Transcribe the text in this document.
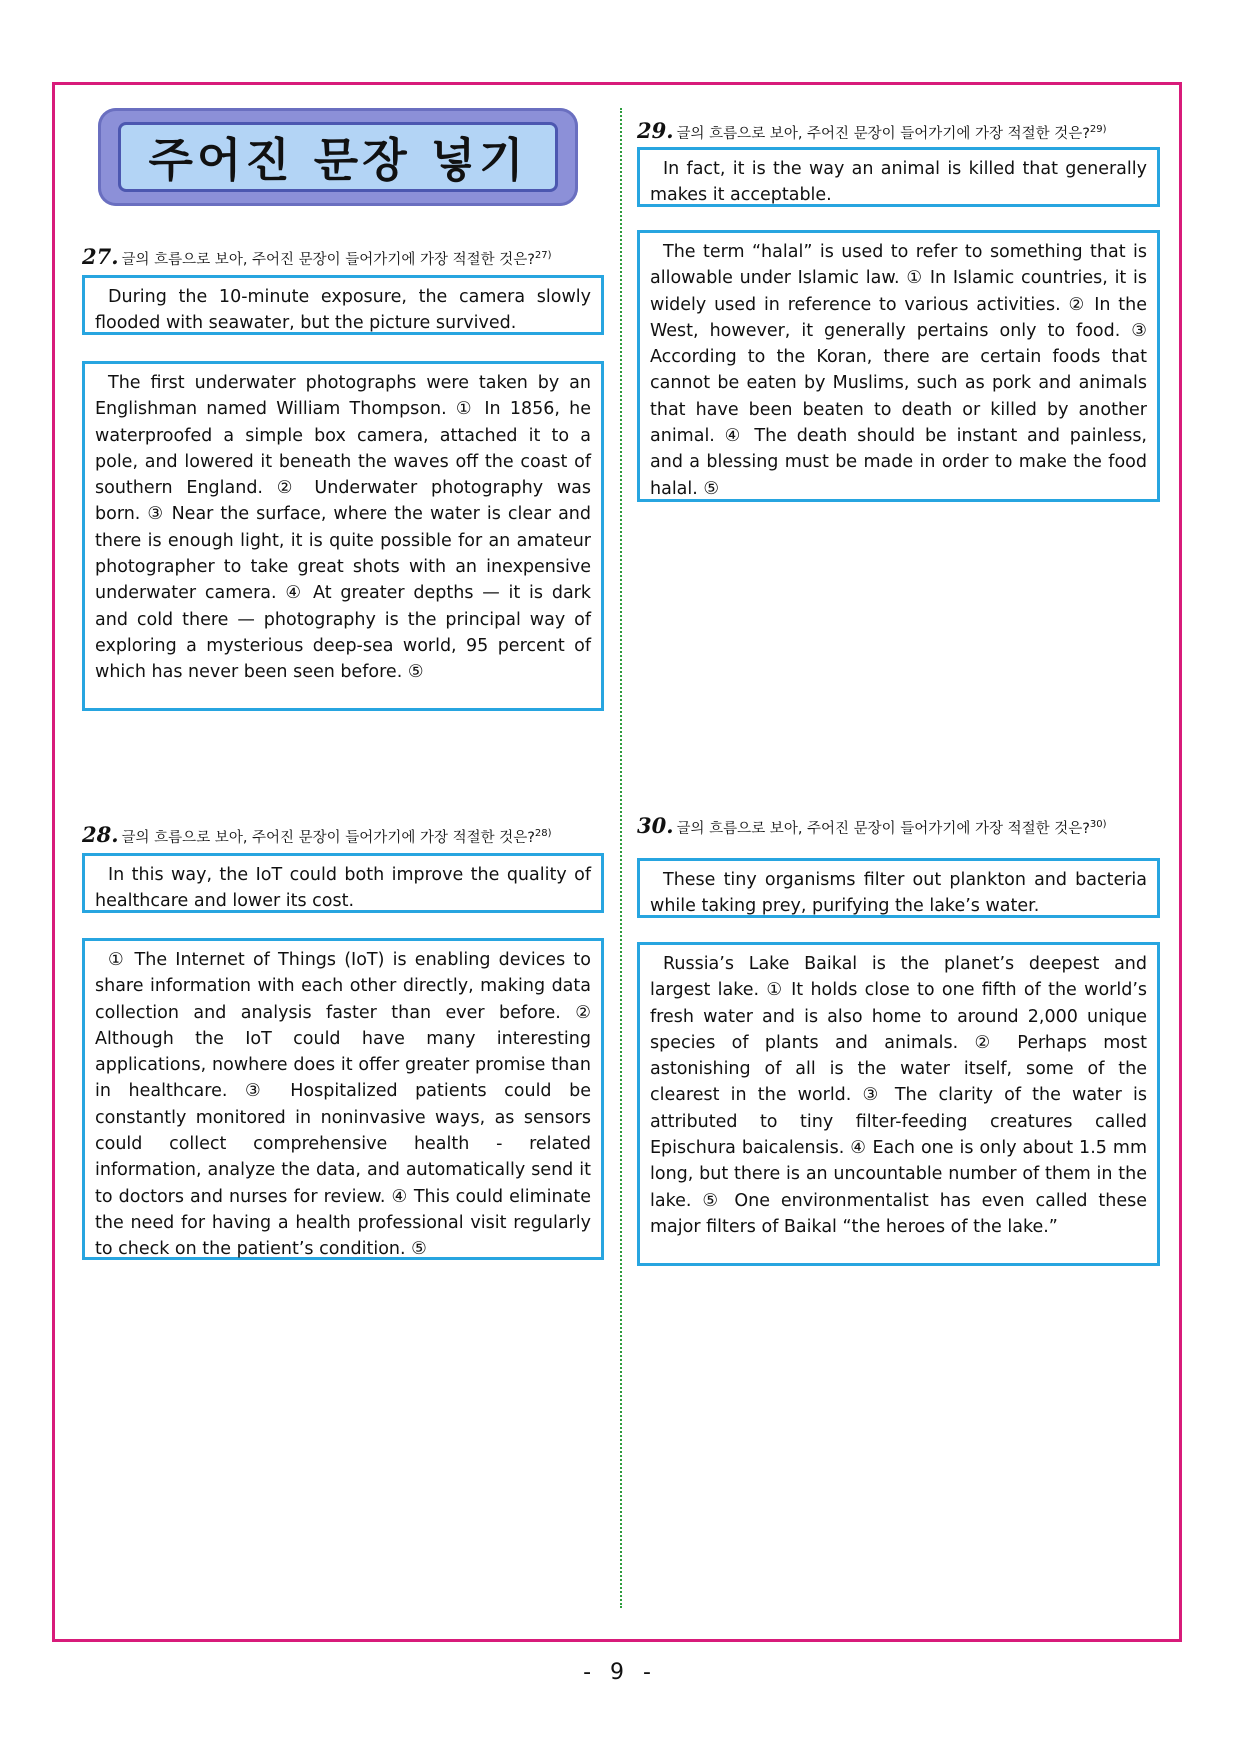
주어진 문장 넣기
27. 글의 흐름으로 보아, 주어진 문장이 들어가기에 가장 적절한 것은?$^{27)}$
During the 10-minute exposure, the camera slowly flooded with seawater, but the picture survived.
The first underwater photographs were taken by an Englishman named William Thompson. ① In 1856, he waterproofed a simple box camera, attached it to a pole, and lowered it beneath the waves off the coast of southern England. ② Underwater photography was born. ③ Near the surface, where the water is clear and there is enough light, it is quite possible for an amateur photographer to take great shots with an inexpensive underwater camera. ④ At greater depths — it is dark and cold there — photography is the principal way of exploring a mysterious deep-sea world, 95 percent of which has never been seen before. ⑤
28. 글의 흐름으로 보아, 주어진 문장이 들어가기에 가장 적절한 것은?$^{28)}$
In this way, the IoT could both improve the quality of healthcare and lower its cost.
① The Internet of Things (IoT) is enabling devices to share information with each other directly, making data collection and analysis faster than ever before. ② Although the IoT could have many interesting applications, nowhere does it offer greater promise than in healthcare. ③ Hospitalized patients could be constantly monitored in noninvasive ways, as sensors could collect comprehensive health - related information, analyze the data, and automatically send it to doctors and nurses for review. ④ This could eliminate the need for having a health professional visit regularly to check on the patient’s condition. ⑤
29. 글의 흐름으로 보아, 주어진 문장이 들어가기에 가장 적절한 것은?$^{29)}$
In fact, it is the way an animal is killed that generally makes it acceptable.
The term “halal” is used to refer to something that is allowable under Islamic law. ① In Islamic countries, it is widely used in reference to various activities. ② In the West, however, it generally pertains only to food. ③ According to the Koran, there are certain foods that cannot be eaten by Muslims, such as pork and animals that have been beaten to death or killed by another animal. ④ The death should be instant and painless, and a blessing must be made in order to make the food halal. ⑤
30. 글의 흐름으로 보아, 주어진 문장이 들어가기에 가장 적절한 것은?$^{30)}$
These tiny organisms filter out plankton and bacteria while taking prey, purifying the lake’s water.
Russia’s Lake Baikal is the planet’s deepest and largest lake. ① It holds close to one fifth of the world’s fresh water and is also home to around 2,000 unique species of plants and animals. ② Perhaps most astonishing of all is the water itself, some of the clearest in the world. ③ The clarity of the water is attributed to tiny filter-feeding creatures called Epischura baicalensis. ④ Each one is only about 1.5 mm long, but there is an uncountable number of them in the lake. ⑤ One environmentalist has even called these major filters of Baikal “the heroes of the lake.”
- 9 -
